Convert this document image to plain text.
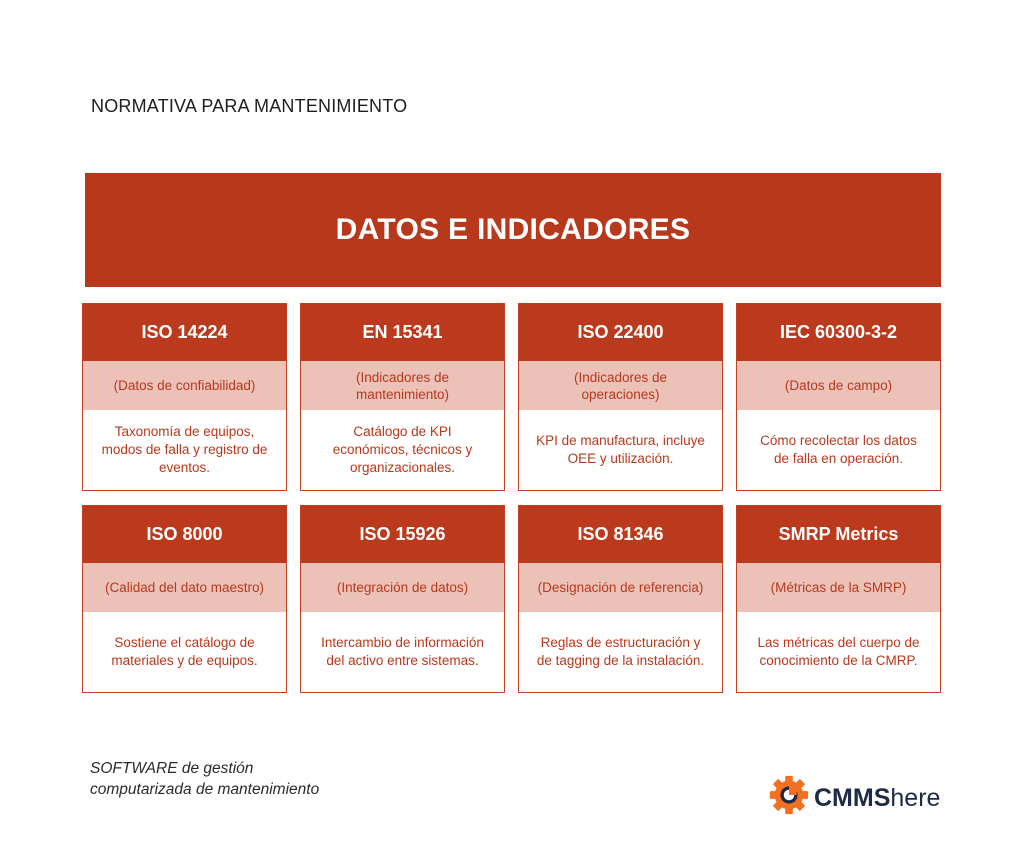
NORMATIVA PARA MANTENIMIENTO
DATOS E INDICADORES
ISO 14224
(Datos de confiabilidad)
Taxonomía de equipos, modos de falla y registro de eventos.
EN 15341
(Indicadores de mantenimiento)
Catálogo de KPI económicos, técnicos y organizacionales.
ISO 22400
(Indicadores de operaciones)
KPI de manufactura, incluye OEE y utilización.
IEC 60300-3-2
(Datos de campo)
Cómo recolectar los datos de falla en operación.
ISO 8000
(Calidad del dato maestro)
Sostiene el catálogo de materiales y de equipos.
ISO 15926
(Integración de datos)
Intercambio de información del activo entre sistemas.
ISO 81346
(Designación de referencia)
Reglas de estructuración y de tagging de la instalación.
SMRP Metrics
(Métricas de la SMRP)
Las métricas del cuerpo de conocimiento de la CMRP.
SOFTWARE de gestión
computarizada de mantenimiento	CMMShere
